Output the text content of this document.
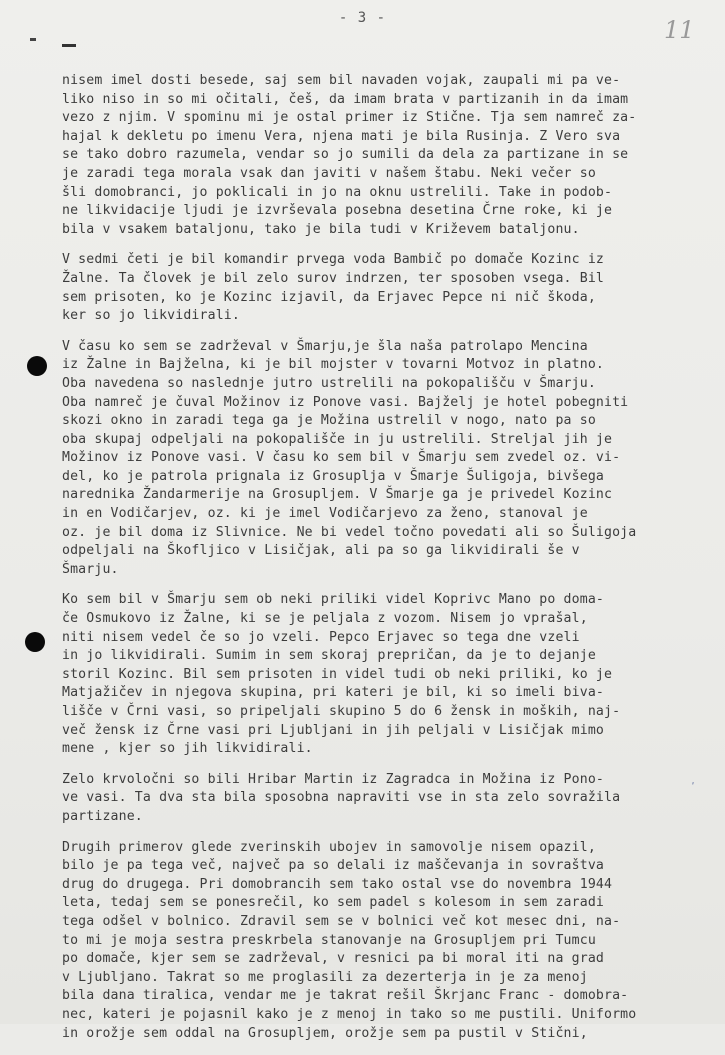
- 3 -	11
ʹ
nisem imel dosti besede, saj sem bil navaden vojak, zaupali mi pa ve-
liko niso in so mi očitali, češ, da imam brata v partizanih in da imam
vezo z njim. V spominu mi je ostal primer iz Stične. Tja sem namreč za-
hajal k dekletu po imenu Vera, njena mati je bila Rusinja. Z Vero sva
se tako dobro razumela, vendar so jo sumili da dela za partizane in se
je zaradi tega morala vsak dan javiti v našem štabu. Neki večer so
šli domobranci, jo poklicali in jo na oknu ustrelili. Take in podob-
ne likvidacije ljudi je izvrševala posebna desetina Črne roke, ki je
bila v vsakem bataljonu, tako je bila tudi v Križevem bataljonu.
V sedmi četi je bil komandir prvega voda Bambič po domače Kozinc iz
Žalne. Ta človek je bil zelo surov indrzen, ter sposoben vsega. Bil
sem prisoten, ko je Kozinc izjavil, da Erjavec Pepce ni nič škoda,
ker so jo likvidirali.
V času ko sem se zadrževal v Šmarju,je šla naša patrolapo Mencina
iz Žalne in Bajželna, ki je bil mojster v tovarni Motvoz in platno.
Oba navedena so naslednje jutro ustrelili na pokopališču v Šmarju.
Oba namreč je čuval Možinov iz Ponove vasi. Bajželj je hotel pobegniti
skozi okno in zaradi tega ga je Možina ustrelil v nogo, nato pa so
oba skupaj odpeljali na pokopališče in ju ustrelili. Streljal jih je
Možinov iz Ponove vasi. V času ko sem bil v Šmarju sem zvedel oz. vi-
del, ko je patrola prignala iz Grosuplja v Šmarje Šuligoja, bivšega
narednika Žandarmerije na Grosupljem. V Šmarje ga je privedel Kozinc
in en Vodičarjev, oz. ki je imel Vodičarjevo za ženo, stanoval je
oz. je bil doma iz Slivnice. Ne bi vedel točno povedati ali so Šuligoja
odpeljali na Škofljico v Lisičjak, ali pa so ga likvidirali še v
Šmarju.
Ko sem bil v Šmarju sem ob neki priliki videl Koprivc Mano po doma-
če Osmukovo iz Žalne, ki se je peljala z vozom. Nisem jo vprašal,
niti nisem vedel če so jo vzeli. Pepco Erjavec so tega dne vzeli
in jo likvidirali. Sumim in sem skoraj prepričan, da je to dejanje
storil Kozinc. Bil sem prisoten in videl tudi ob neki priliki, ko je
Matjažičev in njegova skupina, pri kateri je bil, ki so imeli biva-
lišče v Črni vasi, so pripeljali skupino 5 do 6 žensk in moških, naj-
več žensk iz Črne vasi pri Ljubljani in jih peljali v Lisičjak mimo
mene , kjer so jih likvidirali.
Zelo krvoločni so bili Hribar Martin iz Zagradca in Možina iz Pono-
ve vasi. Ta dva sta bila sposobna napraviti vse in sta zelo sovražila
partizane.
Drugih primerov glede zverinskih ubojev in samovolje nisem opazil,
bilo je pa tega več, največ pa so delali iz maščevanja in sovraštva
drug do drugega. Pri domobrancih sem tako ostal vse do novembra 1944
leta, tedaj sem se ponesrečil, ko sem padel s kolesom in sem zaradi
tega odšel v bolnico. Zdravil sem se v bolnici več kot mesec dni, na-
to mi je moja sestra preskrbela stanovanje na Grosupljem pri Tumcu
po domače, kjer sem se zadrževal, v resnici pa bi moral iti na grad
v Ljubljano. Takrat so me proglasili za dezerterja in je za menoj
bila dana tiralica, vendar me je takrat rešil Škrjanc Franc - domobra-
nec, kateri je pojasnil kako je z menoj in tako so me pustili. Uniformo
in orožje sem oddal na Grosupljem, orožje sem pa pustil v Stični,
